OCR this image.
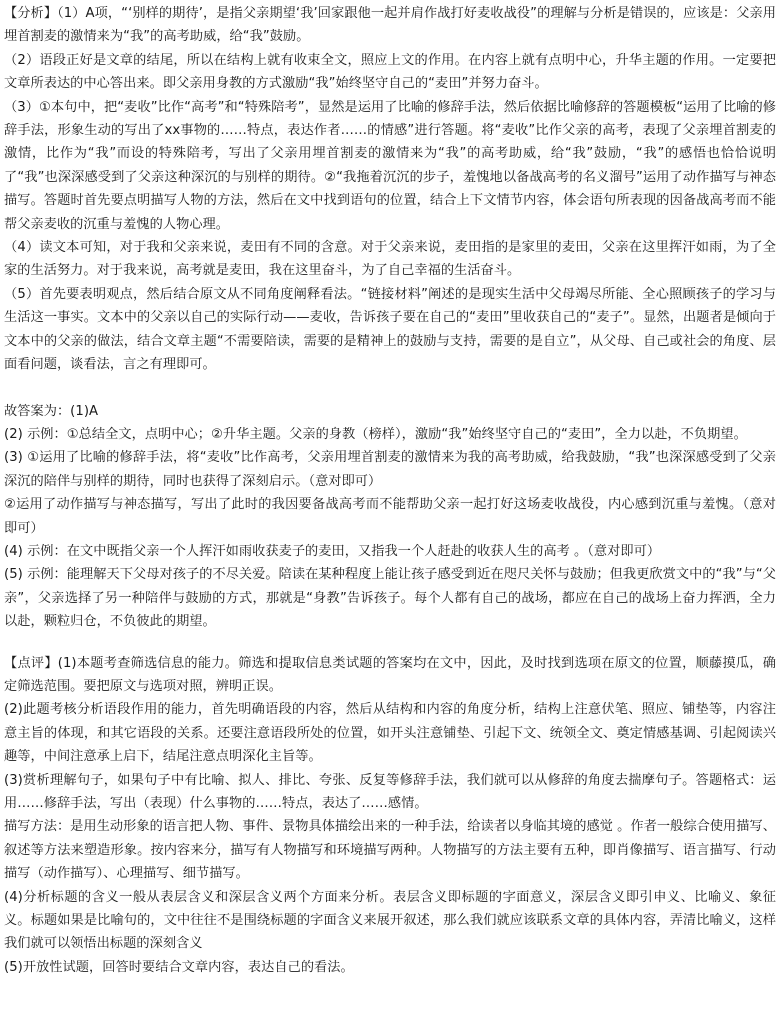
【分析】（1）A项，“‘别样的期待’，是指父亲期望‘我’回家跟他一起并肩作战打好麦收战役”的理解与分析是错误的，应该是：父亲用埋首割麦的激情来为“我”的高考助威，给“我”鼓励。

（2）语段正好是文章的结尾，所以在结构上就有收束全文，照应上文的作用。在内容上就有点明中心，升华主题的作用。一定要把文章所表达的中心答出来。即父亲用身教的方式激励“我”始终坚守自己的“麦田”并努力奋斗。

（3）①本句中，把“麦收”比作“高考”和“特殊陪考”，显然是运用了比喻的修辞手法，然后依据比喻修辞的答题模板“运用了比喻的修辞手法，形象生动的写出了xx事物的……特点，表达作者……的情感”进行答题。将“麦收”比作父亲的高考，表现了父亲埋首割麦的激情，比作为“我”而设的特殊陪考，写出了父亲用埋首割麦的激情来为“我”的高考助威，给“我”鼓励，“我”的感悟也恰恰说明了“我”也深深感受到了父亲这种深沉的与别样的期待。②“我拖着沉沉的步子，羞愧地以备战高考的名义溜号”运用了动作描写与神态描写。答题时首先要点明描写人物的方法，然后在文中找到语句的位置，结合上下文情节内容，体会语句所表现的因备战高考而不能帮父亲麦收的沉重与羞愧的人物心理。

（4）读文本可知，对于我和父亲来说，麦田有不同的含意。对于父亲来说，麦田指的是家里的麦田，父亲在这里挥汗如雨，为了全家的生活努力。对于我来说，高考就是麦田，我在这里奋斗，为了自己幸福的生活奋斗。

（5）首先要表明观点，然后结合原文从不同角度阐释看法。“链接材料”阐述的是现实生活中父母竭尽所能、全心照顾孩子的学习与生活这一事实。文本中的父亲以自己的实际行动——麦收，告诉孩子要在自己的“麦田”里收获自己的“麦子”。显然，出题者是倾向于文本中的父亲的做法，结合文章主题“不需要陪读，需要的是精神上的鼓励与支持，需要的是自立”，从父母、自己或社会的角度、层面看问题，谈看法，言之有理即可。

故答案为：(1)A

(2) 示例：①总结全文，点明中心；②升华主题。父亲的身教（榜样），激励“我”始终坚守自己的“麦田”，全力以赴，不负期望。

(3) ①运用了比喻的修辞手法，将“麦收”比作高考，父亲用埋首割麦的激情来为我的高考助威，给我鼓励，“我”也深深感受到了父亲深沉的陪伴与别样的期待，同时也获得了深刻启示。（意对即可）

②运用了动作描写与神态描写，写出了此时的我因要备战高考而不能帮助父亲一起打好这场麦收战役，内心感到沉重与羞愧。（意对即可）

(4) 示例：在文中既指父亲一个人挥汗如雨收获麦子的麦田，又指我一个人赶赴的收获人生的高考 。（意对即可）

(5) 示例：能理解天下父母对孩子的不尽关爱。陪读在某种程度上能让孩子感受到近在咫尺关怀与鼓励；但我更欣赏文中的“我”与“父亲”，父亲选择了另一种陪伴与鼓励的方式，那就是“身教”告诉孩子。每个人都有自己的战场，都应在自己的战场上奋力挥洒，全力以赴，颗粒归仓，不负彼此的期望。

【点评】(1)本题考查筛选信息的能力。筛选和提取信息类试题的答案均在文中，因此，及时找到选项在原文的位置，顺藤摸瓜，确定筛选范围。要把原文与选项对照，辨明正误。

(2)此题考核分析语段作用的能力，首先明确语段的内容，然后从结构和内容的角度分析，结构上注意伏笔、照应、铺垫等，内容注意主旨的体现，和其它语段的关系。还要注意语段所处的位置，如开头注意铺垫、引起下文、统领全文、奠定情感基调、引起阅读兴趣等，中间注意承上启下，结尾注意点明深化主旨等。

(3)赏析理解句子，如果句子中有比喻、拟人、排比、夸张、反复等修辞手法，我们就可以从修辞的角度去揣摩句子。答题格式：运用……修辞手法，写出（表现）什么事物的……特点，表达了……感情。

描写方法：是用生动形象的语言把人物、事件、景物具体描绘出来的一种手法，给读者以身临其境的感觉 。作者一般综合使用描写、叙述等方法来塑造形象。按内容来分，描写有人物描写和环境描写两种。人物描写的方法主要有五种，即肖像描写、语言描写、行动描写（动作描写）、心理描写、细节描写。

(4)分析标题的含义一般从表层含义和深层含义两个方面来分析。表层含义即标题的字面意义，深层含义即引申义、比喻义、象征义。标题如果是比喻句的，文中往往不是围绕标题的字面含义来展开叙述，那么我们就应该联系文章的具体内容，弄清比喻义，这样我们就可以领悟出标题的深刻含义

(5)开放性试题，回答时要结合文章内容，表达自己的看法。
